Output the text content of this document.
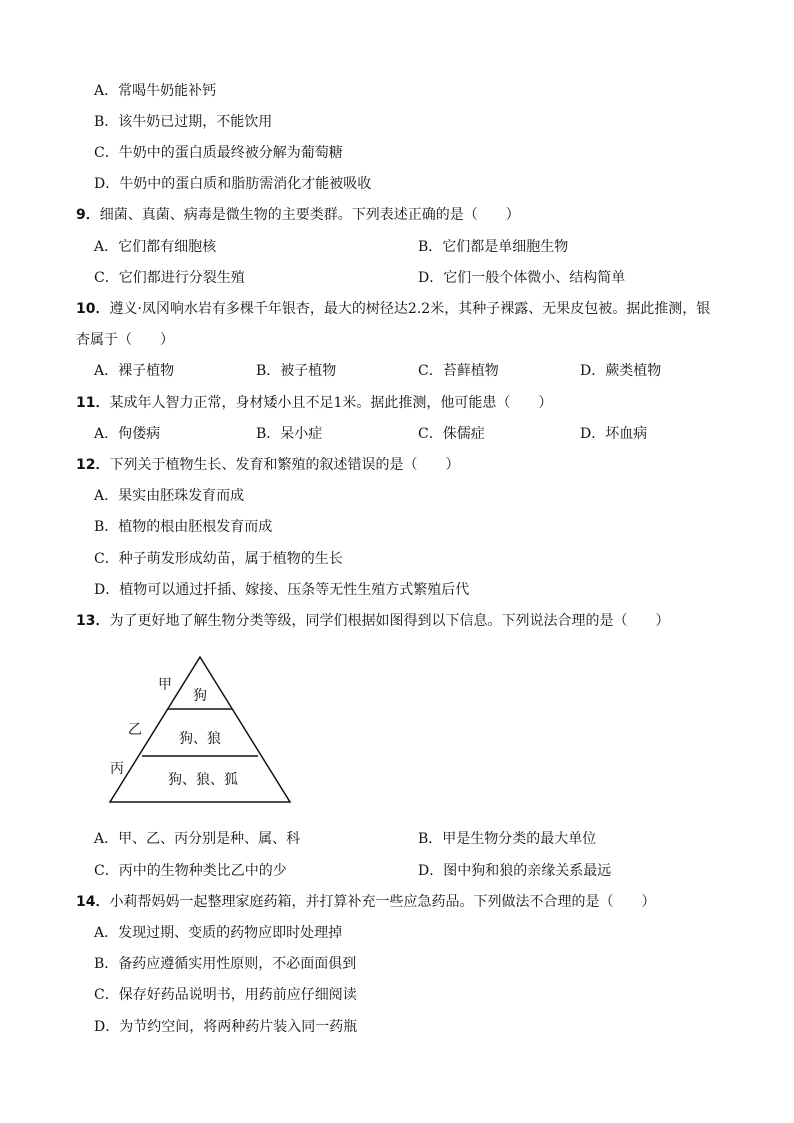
A．常喝牛奶能补钙
B．该牛奶已过期，不能饮用
C．牛奶中的蛋白质最终被分解为葡萄糖
D．牛奶中的蛋白质和脂肪需消化才能被吸收
9．细菌、真菌、病毒是微生物的主要类群。下列表述正确的是（　　）
A．它们都有细胞核	B．它们都是单细胞生物
C．它们都进行分裂生殖	D．它们一般个体微小、结构简单
10．遵义·凤冈响水岩有多棵千年银杏，最大的树径达2.2米，其种子裸露、无果皮包被。据此推测，银
杏属于（　　）
A．裸子植物	B．被子植物	C．苔藓植物	D．蕨类植物
11．某成年人智力正常，身材矮小且不足1米。据此推测，他可能患（　　）
A．佝偻病	B．呆小症	C．侏儒症	D．坏血病
12．下列关于植物生长、发育和繁殖的叙述错误的是（　　）
A．果实由胚珠发育而成
B．植物的根由胚根发育而成
C．种子萌发形成幼苗，属于植物的生长
D．植物可以通过扦插、嫁接、压条等无性生殖方式繁殖后代
13．为了更好地了解生物分类等级，同学们根据如图得到以下信息。下列说法合理的是（　　）
甲
乙
丙
狗
狗、狼
狗、狼、狐
A．甲、乙、丙分别是种、属、科	B．甲是生物分类的最大单位
C．丙中的生物种类比乙中的少	D．图中狗和狼的亲缘关系最远
14．小莉帮妈妈一起整理家庭药箱，并打算补充一些应急药品。下列做法不合理的是（　　）
A．发现过期、变质的药物应即时处理掉
B．备药应遵循实用性原则，不必面面俱到
C．保存好药品说明书，用药前应仔细阅读
D．为节约空间，将两种药片装入同一药瓶
